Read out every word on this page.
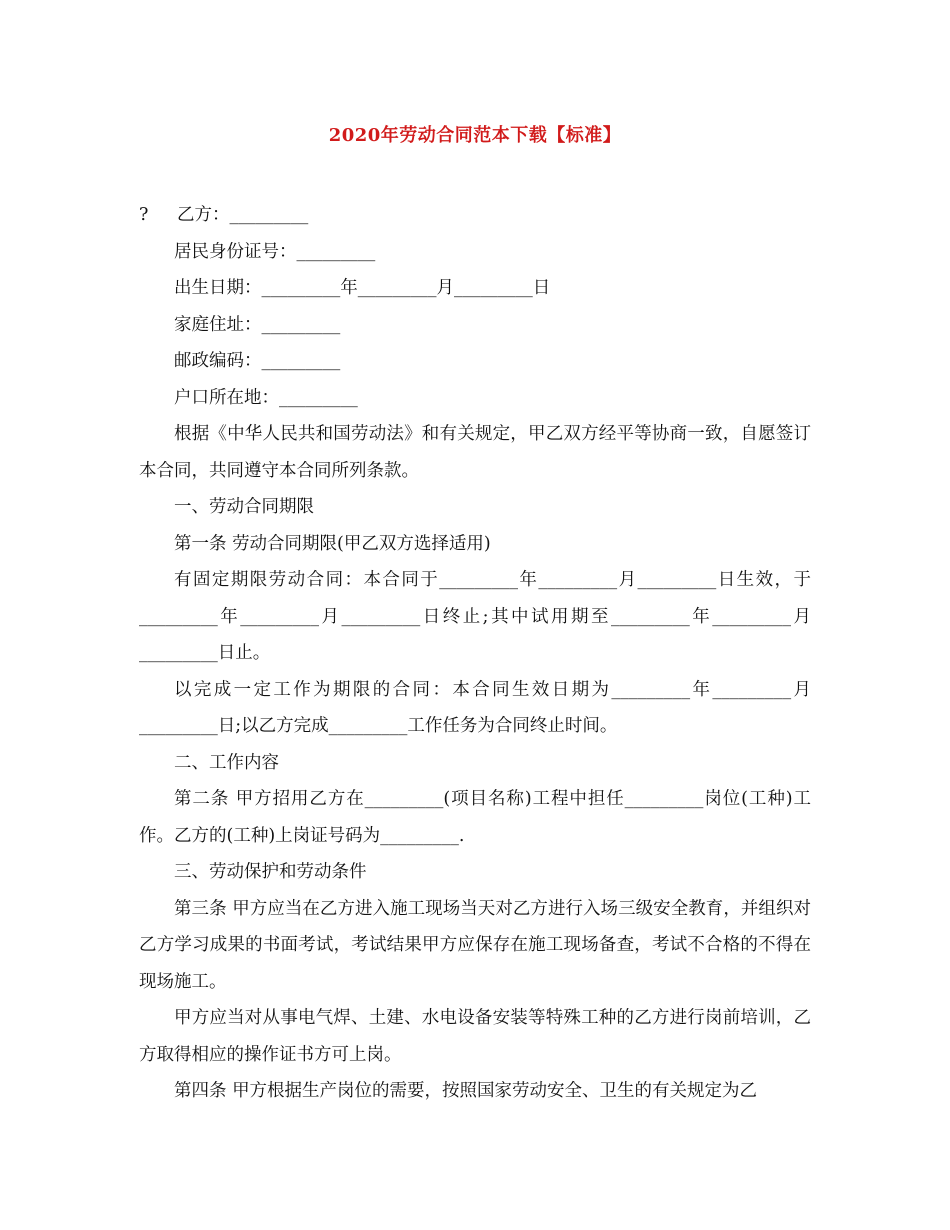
2020年劳动合同范本下载【标准】

? 乙方：_________

居民身份证号：_________

出生日期：_________年_________月_________日

家庭住址：_________

邮政编码：_________

户口所在地：_________

根据《中华人民共和国劳动法》和有关规定，甲乙双方经平等协商一致，自愿签订本合同，共同遵守本合同所列条款。

一、劳动合同期限

第一条 劳动合同期限(甲乙双方选择适用)

有固定期限劳动合同：本合同于_________年_________月_________日生效，于_________年_________月_________日终止;其中试用期至_________年_________月_________日止。

以完成一定工作为期限的合同：本合同生效日期为_________年_________月_________日;以乙方完成_________工作任务为合同终止时间。

二、工作内容

第二条 甲方招用乙方在_________(项目名称)工程中担任_________岗位(工种)工作。乙方的(工种)上岗证号码为_________.

三、劳动保护和劳动条件

第三条 甲方应当在乙方进入施工现场当天对乙方进行入场三级安全教育，并组织对乙方学习成果的书面考试，考试结果甲方应保存在施工现场备查，考试不合格的不得在现场施工。

甲方应当对从事电气焊、土建、水电设备安装等特殊工种的乙方进行岗前培训，乙方取得相应的操作证书方可上岗。

第四条 甲方根据生产岗位的需要，按照国家劳动安全、卫生的有关规定为乙
